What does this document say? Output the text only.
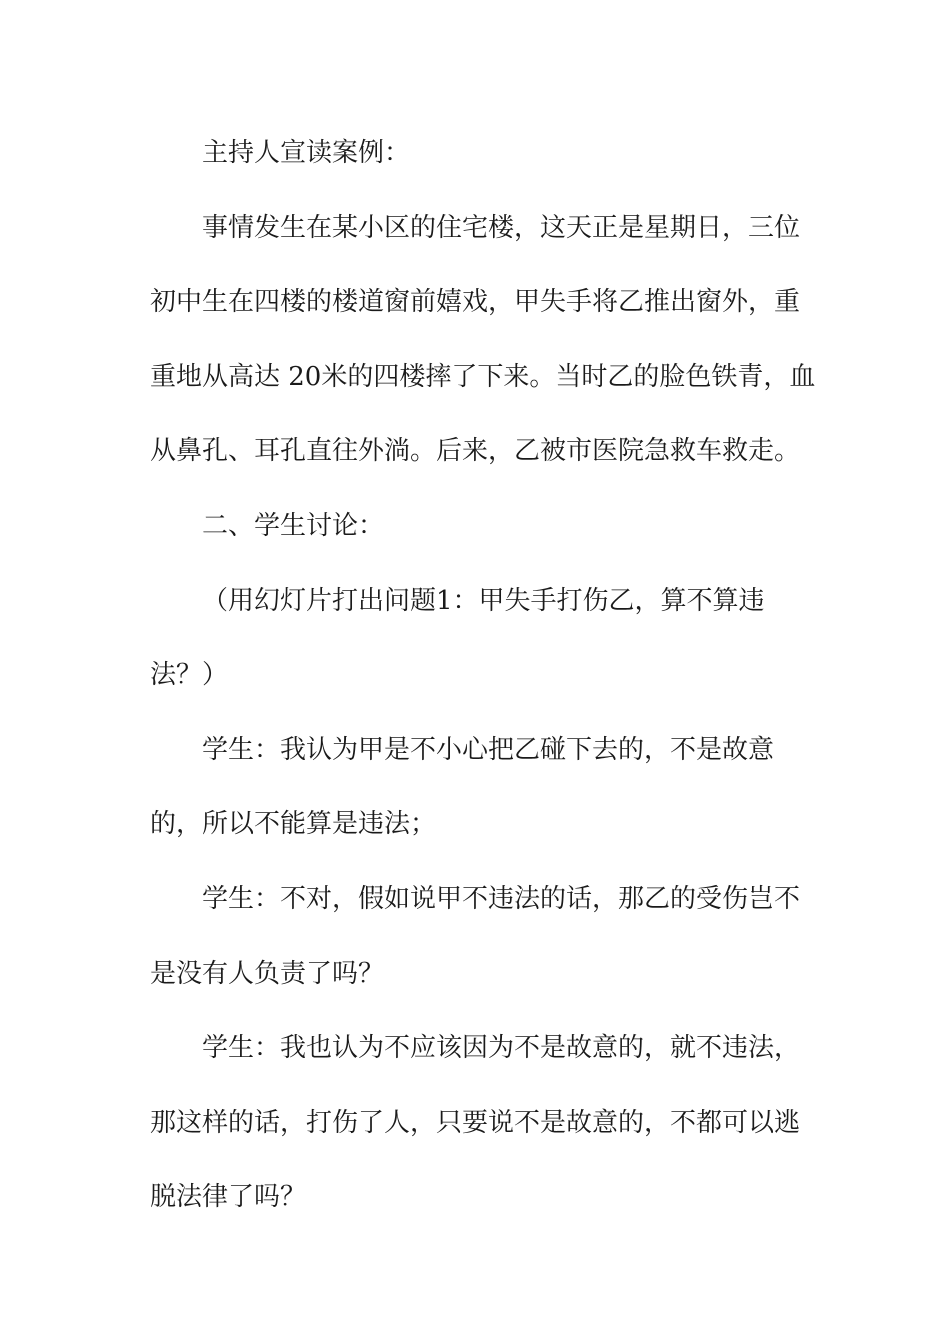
主持人宣读案例：

事情发生在某小区的住宅楼，这天正是星期日，三位

初中生在四楼的楼道窗前嬉戏，甲失手将乙推出窗外，重

重地从高达 20米的四楼摔了下来。当时乙的脸色铁青，血

从鼻孔、耳孔直往外淌。后来，乙被市医院急救车救走。

二、学生讨论：

（用幻灯片打出问题1：甲失手打伤乙，算不算违

法？）

学生：我认为甲是不小心把乙碰下去的，不是故意

的，所以不能算是违法；

学生：不对，假如说甲不违法的话，那乙的受伤岂不

是没有人负责了吗？

学生：我也认为不应该因为不是故意的，就不违法，

那这样的话，打伤了人，只要说不是故意的，不都可以逃

脱法律了吗？
